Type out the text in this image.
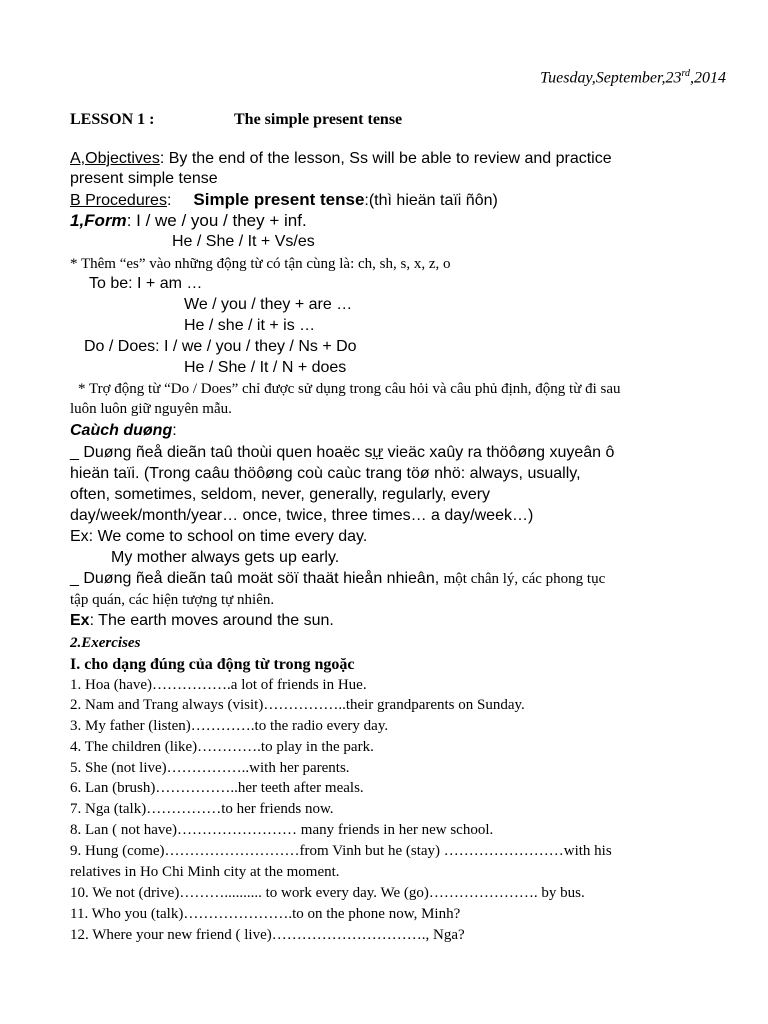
Tuesday,September,23rd,2014
LESSON 1 :	The simple present tense
A,Objectives: By the end of the lesson, Ss will be able to review and practice
present simple tense
B Procedures: Simple present tense:(thì hieän taïi ñôn)
1,Form: I / we / you / they + inf.
He / She / It + Vs/es
* Thêm “es” vào những động từ có tận cùng là: ch, sh, s, x, z, o
To be: I + am …
We / you / they + are …
He / she / it + is …
Do / Does: I / we / you / they / Ns + Do
He / She / It / N + does
* Trợ động từ “Do / Does” chỉ được sử dụng trong câu hỏi và câu phủ định, động từ đi sau
luôn luôn giữ nguyên mẫu.
Caùch duøng:
_ Duøng ñeå dieãn taû thoùi quen hoaëc sự vieäc xaûy ra thöôøng xuyeân ô
hieän taïi. (Trong caâu thöôøng coù caùc trang töø nhö: always, usually,
often, sometimes, seldom, never, generally, regularly, every
day/week/month/year… once, twice, three times… a day/week…)
Ex: We come to school on time every day.
My mother always gets up early.
_ Duøng ñeå dieãn taû moät söï thaät hieån nhieân, một chân lý, các phong tục
tập quán, các hiện tượng tự nhiên.
Ex: The earth moves around the sun.
2.Exercises
I. cho dạng đúng của động từ trong ngoặc
1. Hoa (have)…………….a lot of friends in Hue.
2. Nam and Trang always (visit)……………..their grandparents on Sunday.
3. My father (listen)………….to the radio every day.
4. The children (like)………….to play in the park.
5. She (not live)……………..with her parents.
6. Lan (brush)……………..her teeth after meals.
7. Nga (talk)……………to her friends now.
8. Lan ( not have)…………………… many friends in her new school.
9. Hung (come)………………………from Vinh but he (stay) ……………………with his
relatives in Ho Chi Minh city at the moment.
10. We not (drive)……….......... to work every day. We (go)…………………. by bus.
11. Who you (talk)………………….to on the phone now, Minh?
12. Where your new friend ( live)…………………………., Nga?
